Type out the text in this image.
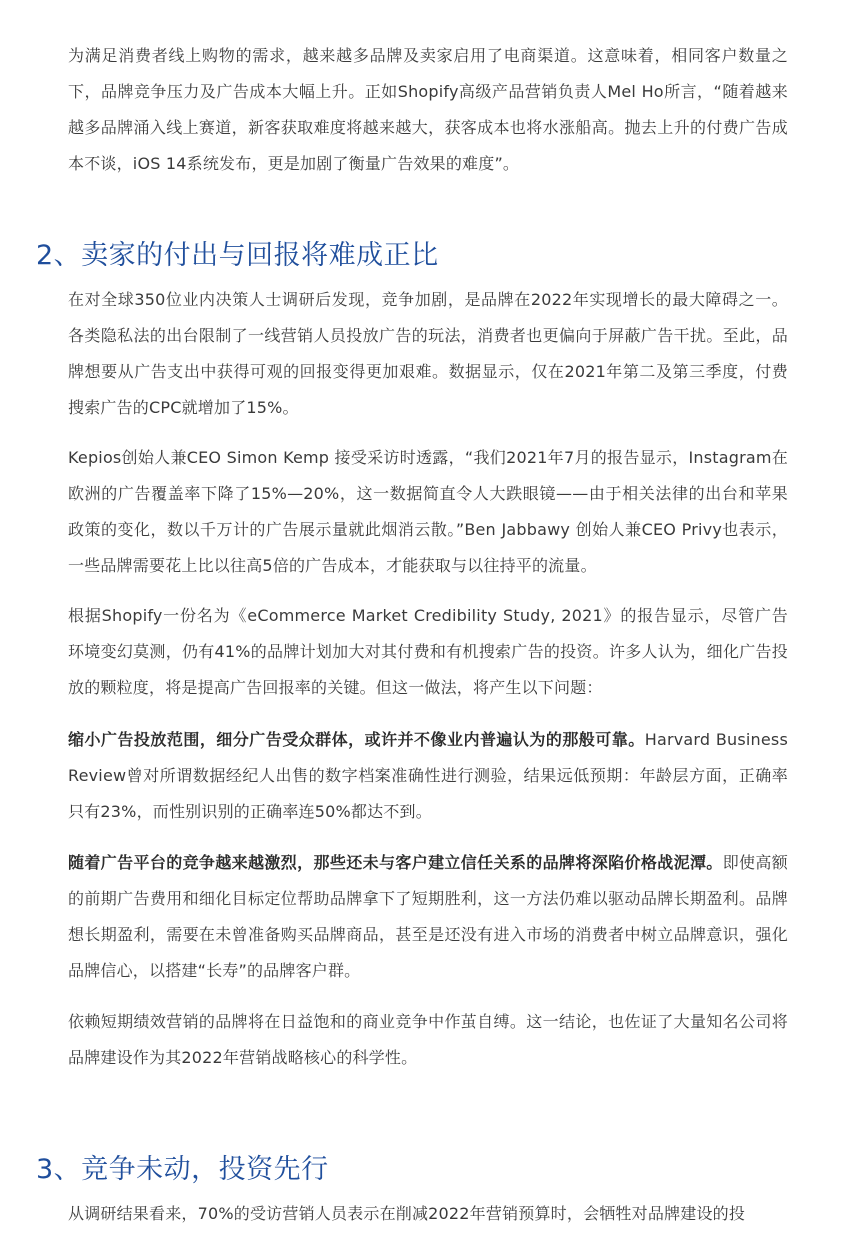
为满足消费者线上购物的需求，越来越多品牌及卖家启用了电商渠道。这意味着，相同客户数量之下，品牌竞争压力及广告成本大幅上升。正如Shopify高级产品营销负责人Mel Ho所言，“随着越来越多品牌涌入线上赛道，新客获取难度将越来越大，获客成本也将水涨船高。抛去上升的付费广告成本不谈，iOS 14系统发布，更是加剧了衡量广告效果的难度”。

2、卖家的付出与回报将难成正比

在对全球350位业内决策人士调研后发现，竞争加剧，是品牌在2022年实现增长的最大障碍之一。各类隐私法的出台限制了一线营销人员投放广告的玩法，消费者也更偏向于屏蔽广告干扰。至此，品牌想要从广告支出中获得可观的回报变得更加艰难。数据显示，仅在2021年第二及第三季度，付费搜索广告的CPC就增加了15%。

Kepios创始人兼CEO Simon Kemp 接受采访时透露，“我们2021年7月的报告显示，Instagram在欧洲的广告覆盖率下降了15%—20%，这一数据简直令人大跌眼镜——由于相关法律的出台和苹果政策的变化，数以千万计的广告展示量就此烟消云散。”Ben Jabbawy 创始人兼CEO Privy也表示，一些品牌需要花上比以往高5倍的广告成本，才能获取与以往持平的流量。

根据Shopify一份名为《eCommerce Market Credibility Study, 2021》的报告显示，尽管广告环境变幻莫测，仍有41%的品牌计划加大对其付费和有机搜索广告的投资。许多人认为，细化广告投放的颗粒度，将是提高广告回报率的关键。但这一做法，将产生以下问题：

缩小广告投放范围，细分广告受众群体，或许并不像业内普遍认为的那般可靠。Harvard Business Review曾对所谓数据经纪人出售的数字档案准确性进行测验，结果远低预期：年龄层方面，正确率只有23%，而性别识别的正确率连50%都达不到。

随着广告平台的竞争越来越激烈，那些还未与客户建立信任关系的品牌将深陷价格战泥潭。即使高额的前期广告费用和细化目标定位帮助品牌拿下了短期胜利，这一方法仍难以驱动品牌长期盈利。品牌想长期盈利，需要在未曾准备购买品牌商品，甚至是还没有进入市场的消费者中树立品牌意识，强化品牌信心，以搭建“长寿”的品牌客户群。

依赖短期绩效营销的品牌将在日益饱和的商业竞争中作茧自缚。这一结论，也佐证了大量知名公司将品牌建设作为其2022年营销战略核心的科学性。

3、竞争未动，投资先行

从调研结果看来，70%的受访营销人员表示在削减2022年营销预算时，会牺牲对品牌建设的投
